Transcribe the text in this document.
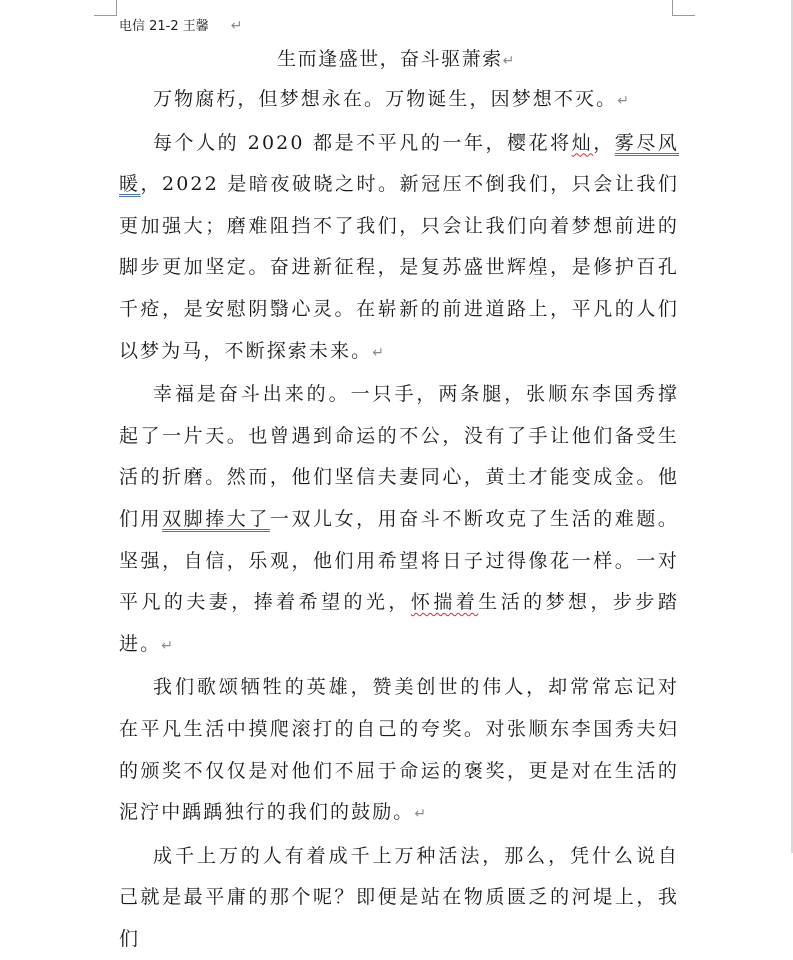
电信 21-2 王馨 ↵
生而逢盛世，奋斗驱萧索↵

万物腐朽，但梦想永在。万物诞生，因梦想不灭。↵

每个人的 2020 都是不平凡的一年，樱花将灿，雾尽风暖，2022 是暗夜破晓之时。新冠压不倒我们，只会让我们更加强大；磨难阻挡不了我们，只会让我们向着梦想前进的脚步更加坚定。奋进新征程，是复苏盛世辉煌，是修护百孔千疮，是安慰阴翳心灵。在崭新的前进道路上，平凡的人们以梦为马，不断探索未来。↵

幸福是奋斗出来的。一只手，两条腿，张顺东李国秀撑起了一片天。也曾遇到命运的不公，没有了手让他们备受生活的折磨。然而，他们坚信夫妻同心，黄土才能变成金。他们用双脚捧大了一双儿女，用奋斗不断攻克了生活的难题。坚强，自信，乐观，他们用希望将日子过得像花一样。一对平凡的夫妻，捧着希望的光，怀揣着生活的梦想，步步踏进。↵

我们歌颂牺牲的英雄，赞美创世的伟人，却常常忘记对在平凡生活中摸爬滚打的自己的夸奖。对张顺东李国秀夫妇的颁奖不仅仅是对他们不屈于命运的褒奖，更是对在生活的泥泞中踽踽独行的我们的鼓励。↵

成千上万的人有着成千上万种活法，那么，凭什么说自己就是最平庸的那个呢？即便是站在物质匮乏的河堤上，我们
